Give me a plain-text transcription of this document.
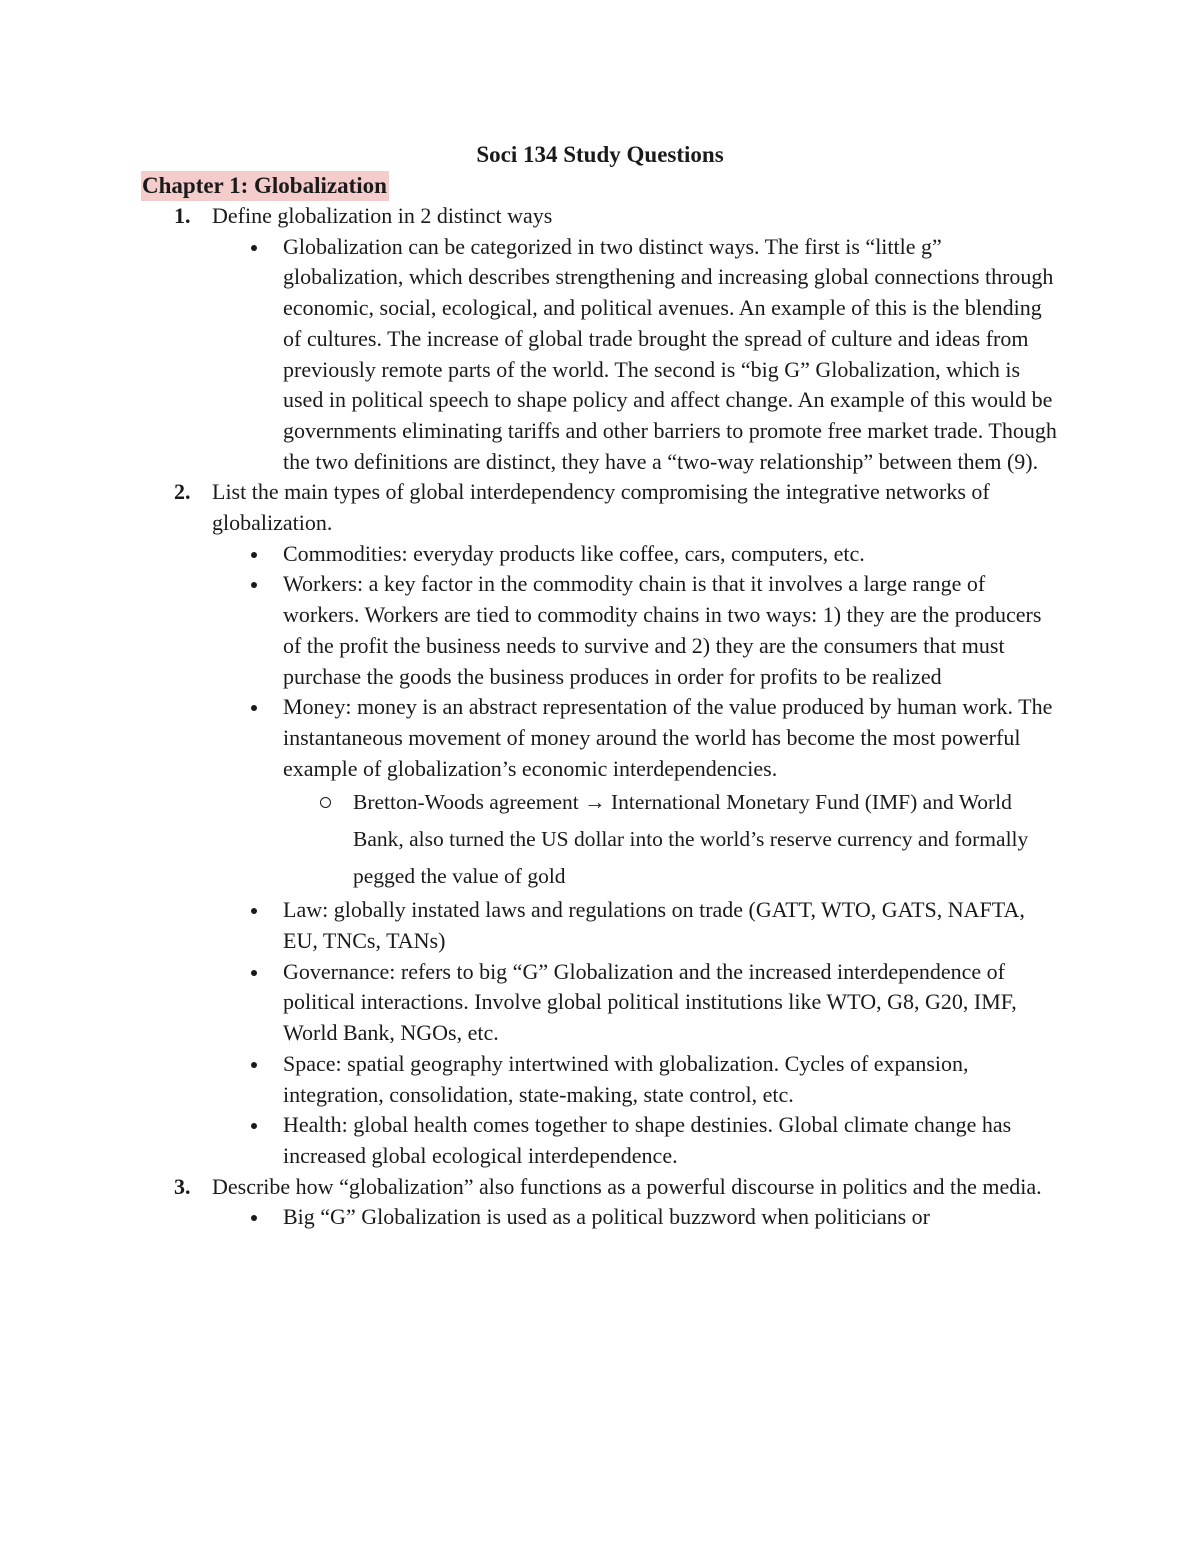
Soci 134 Study Questions
Chapter 1: Globalization
1. Define globalization in 2 distinct ways
Globalization can be categorized in two distinct ways. The first is “little g” globalization, which describes strengthening and increasing global connections through economic, social, ecological, and political avenues. An example of this is the blending of cultures. The increase of global trade brought the spread of culture and ideas from previously remote parts of the world. The second is “big G” Globalization, which is used in political speech to shape policy and affect change. An example of this would be governments eliminating tariffs and other barriers to promote free market trade. Though the two definitions are distinct, they have a “two-way relationship” between them (9).
2. List the main types of global interdependency compromising the integrative networks of globalization.
Commodities: everyday products like coffee, cars, computers, etc.
Workers: a key factor in the commodity chain is that it involves a large range of workers. Workers are tied to commodity chains in two ways: 1) they are the producers of the profit the business needs to survive and 2) they are the consumers that must purchase the goods the business produces in order for profits to be realized
Money: money is an abstract representation of the value produced by human work. The instantaneous movement of money around the world has become the most powerful example of globalization’s economic interdependencies.
Bretton-Woods agreement → International Monetary Fund (IMF) and World Bank, also turned the US dollar into the world’s reserve currency and formally pegged the value of gold
Law: globally instated laws and regulations on trade (GATT, WTO, GATS, NAFTA, EU, TNCs, TANs)
Governance: refers to big “G” Globalization and the increased interdependence of political interactions. Involve global political institutions like WTO, G8, G20, IMF, World Bank, NGOs, etc.
Space: spatial geography intertwined with globalization. Cycles of expansion, integration, consolidation, state-making, state control, etc.
Health: global health comes together to shape destinies. Global climate change has increased global ecological interdependence.
3. Describe how “globalization” also functions as a powerful discourse in politics and the media.
Big “G” Globalization is used as a political buzzword when politicians or
